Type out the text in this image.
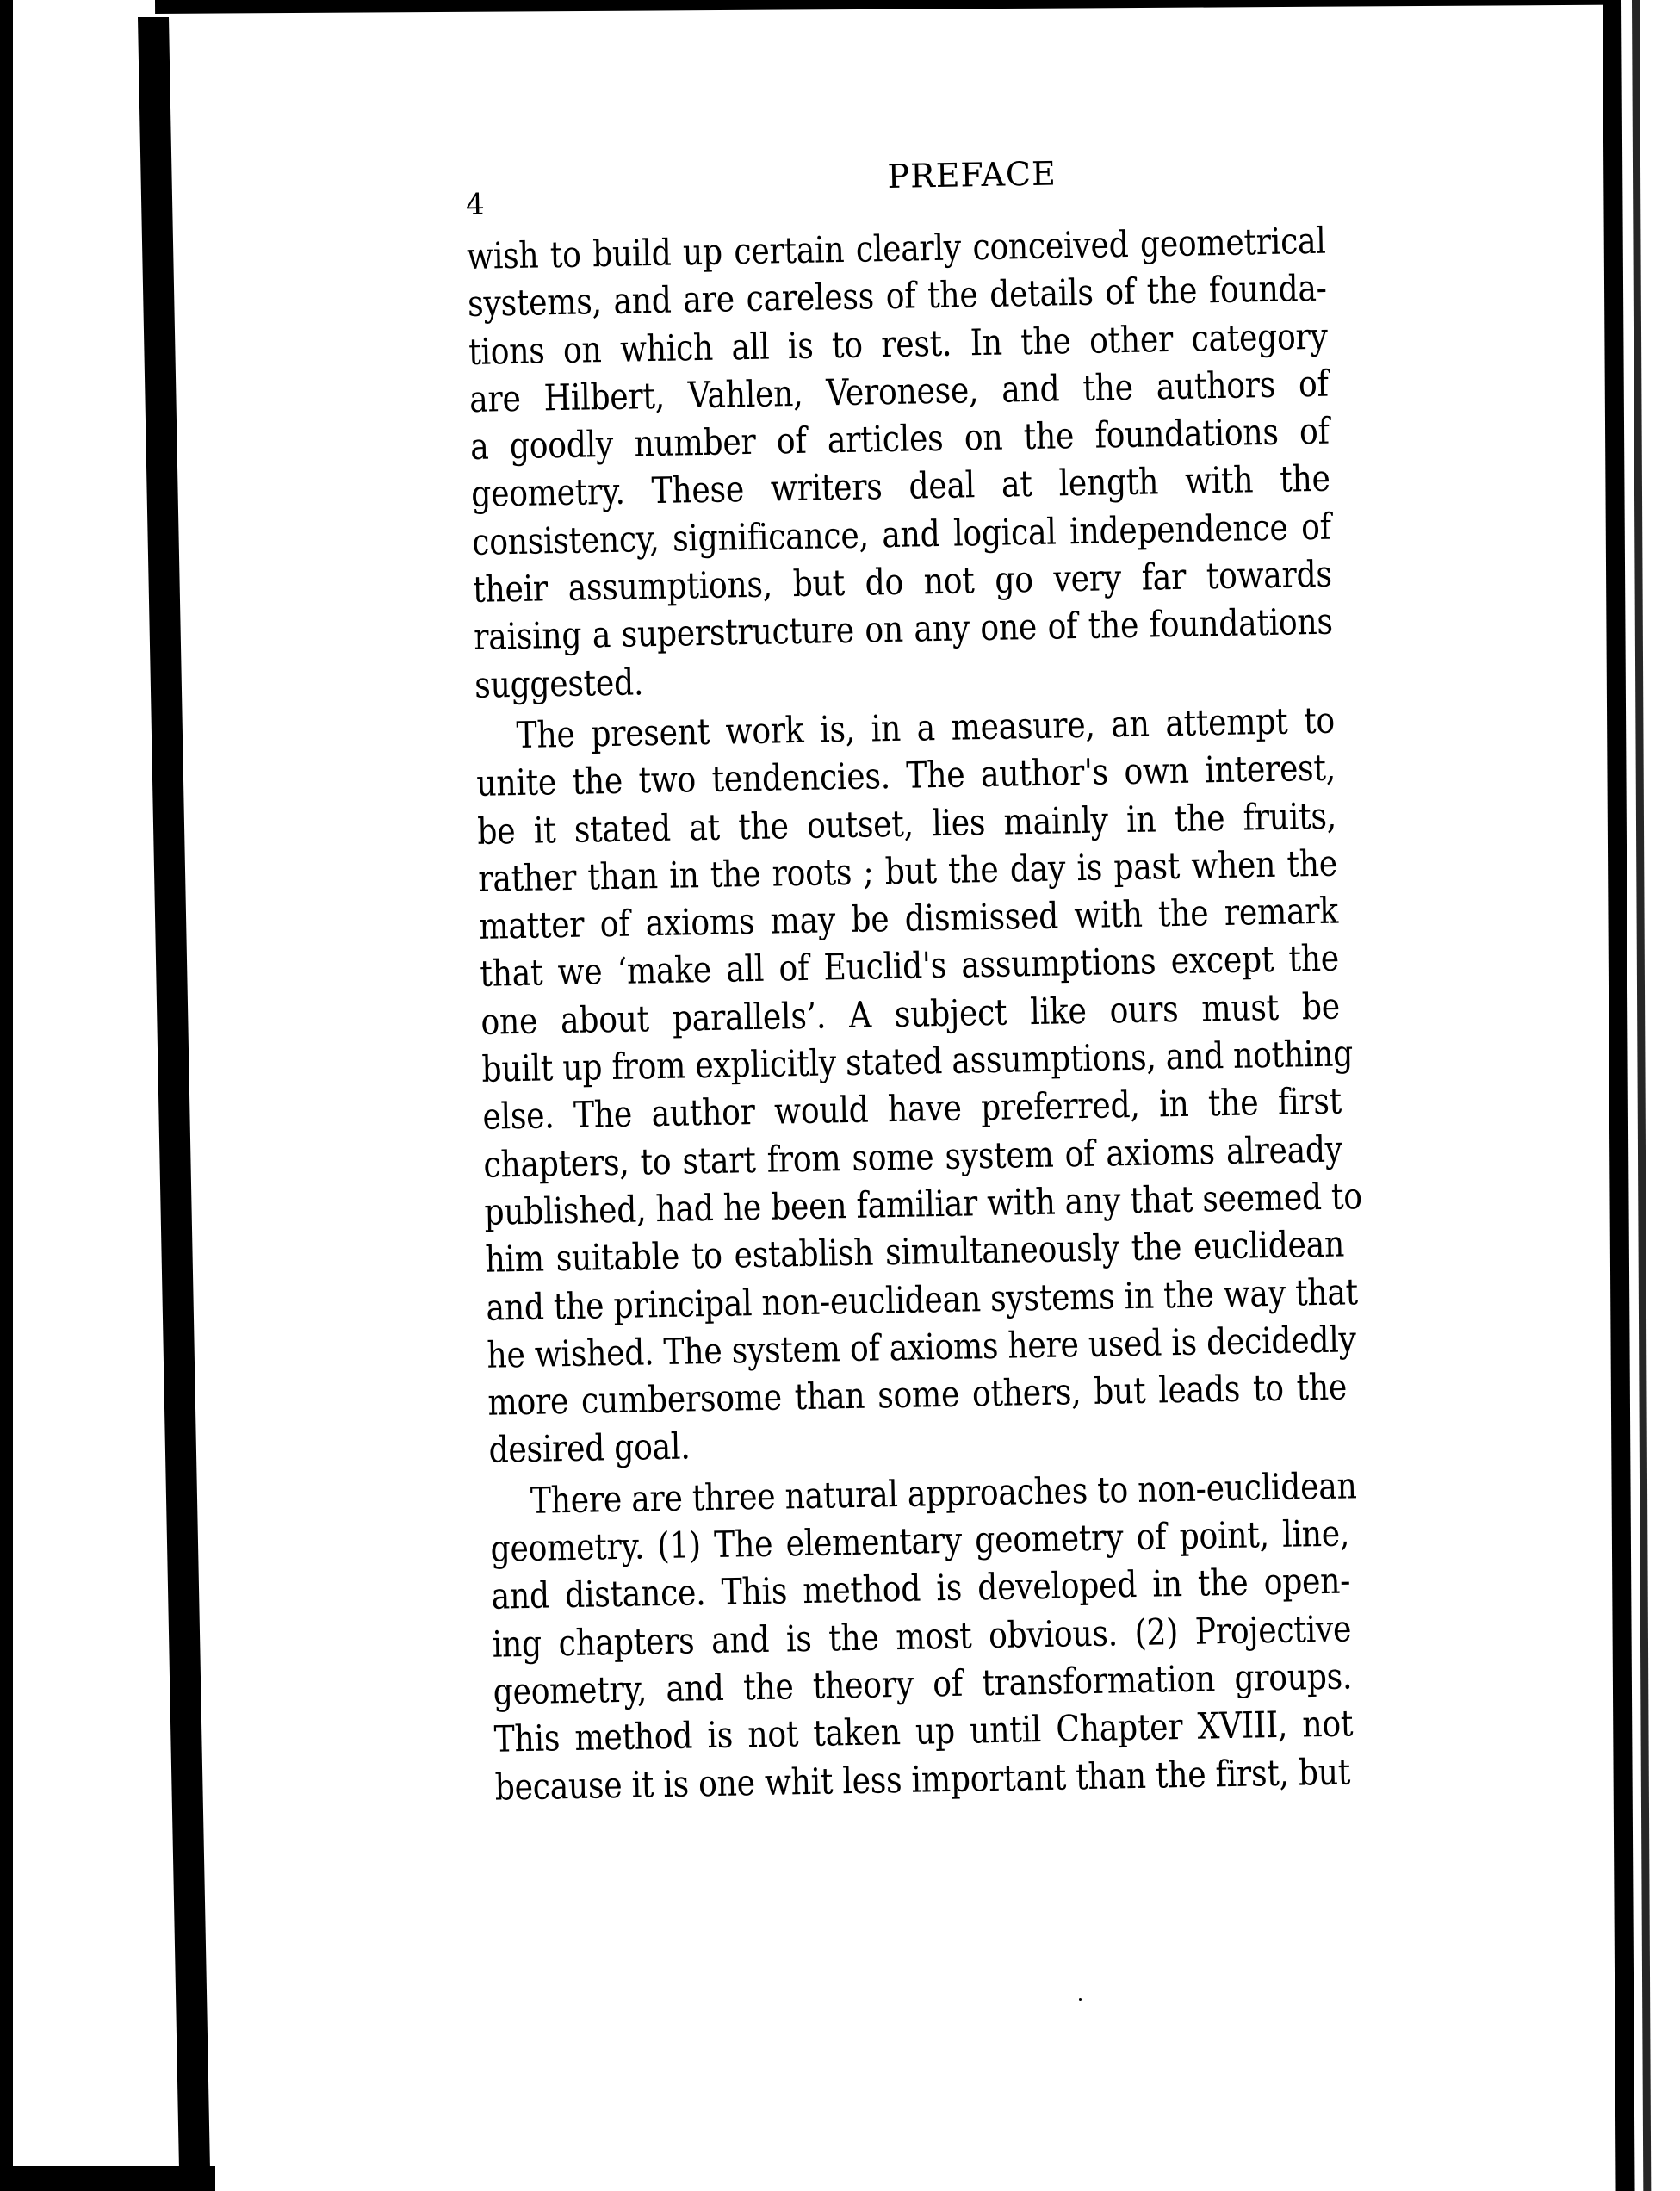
4
PREFACE
wish to build up certain clearly conceived geometrical
systems, and are careless of the details of the founda-
tions on which all is to rest. In the other category
are Hilbert, Vahlen, Veronese, and the authors of
a goodly number of articles on the foundations of
geometry. These writers deal at length with the
consistency, significance, and logical independence of
their assumptions, but do not go very far towards
raising a superstructure on any one of the foundations
suggested.
The present work is, in a measure, an attempt to
unite the two tendencies. The author's own interest,
be it stated at the outset, lies mainly in the fruits,
rather than in the roots ; but the day is past when the
matter of axioms may be dismissed with the remark
that we ‘make all of Euclid's assumptions except the
one about parallels’. A subject like ours must be
built up from explicitly stated assumptions, and nothing
else. The author would have preferred, in the first
chapters, to start from some system of axioms already
published, had he been familiar with any that seemed to
him suitable to establish simultaneously the euclidean
and the principal non-euclidean systems in the way that
he wished. The system of axioms here used is decidedly
more cumbersome than some others, but leads to the
desired goal.
There are three natural approaches to non-euclidean
geometry. (1) The elementary geometry of point, line,
and distance. This method is developed in the open-
ing chapters and is the most obvious. (2) Projective
geometry, and the theory of transformation groups.
This method is not taken up until Chapter XVIII, not
because it is one whit less important than the first, but
